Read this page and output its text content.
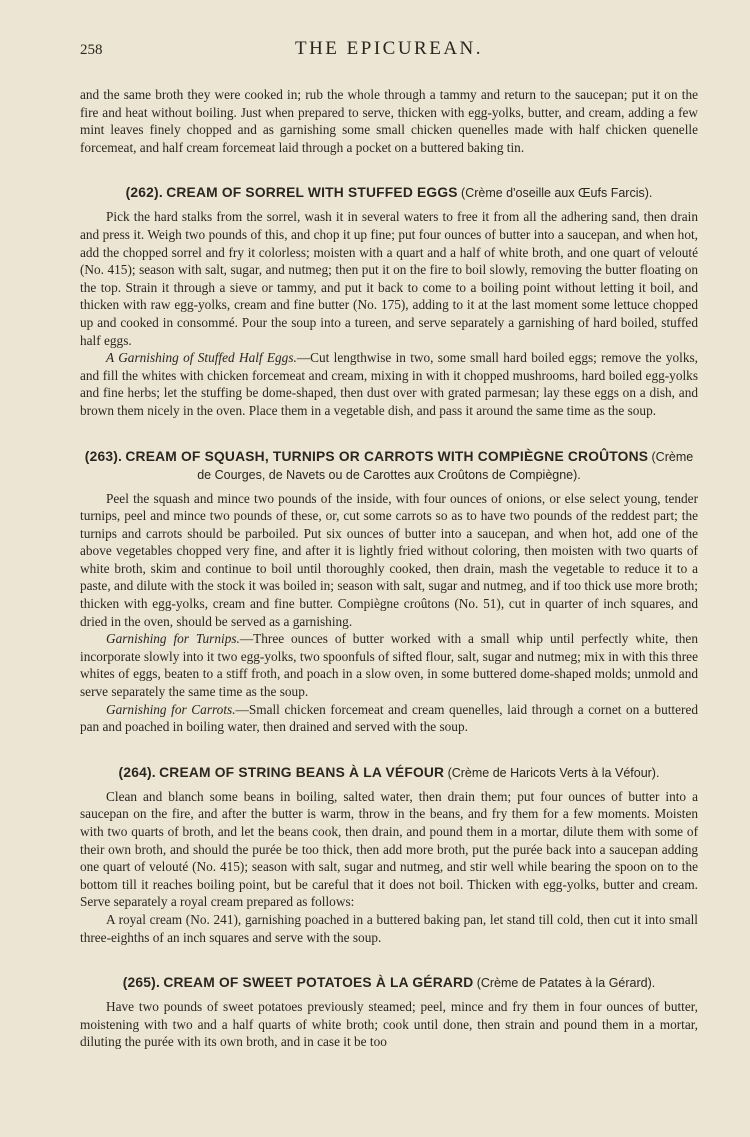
258	THE EPICUREAN.

and the same broth they were cooked in; rub the whole through a tammy and return to the saucepan; put it on the fire and heat without boiling. Just when prepared to serve, thicken with egg-yolks, butter, and cream, adding a few mint leaves finely chopped and as garnishing some small chicken quenelles made with half chicken quenelle forcemeat, and half cream forcemeat laid through a pocket on a buttered baking tin.

(262). CREAM OF SORREL WITH STUFFED EGGS (Crème d'oseille aux Œufs Farcis).

Pick the hard stalks from the sorrel, wash it in several waters to free it from all the adhering sand, then drain and press it. Weigh two pounds of this, and chop it up fine; put four ounces of butter into a saucepan, and when hot, add the chopped sorrel and fry it colorless; moisten with a quart and a half of white broth, and one quart of velouté (No. 415); season with salt, sugar, and nutmeg; then put it on the fire to boil slowly, removing the butter floating on the top. Strain it through a sieve or tammy, and put it back to come to a boiling point without letting it boil, and thicken with raw egg-yolks, cream and fine butter (No. 175), adding to it at the last moment some lettuce chopped up and cooked in consommé. Pour the soup into a tureen, and serve separately a garnishing of hard boiled, stuffed half eggs.

A Garnishing of Stuffed Half Eggs.—Cut lengthwise in two, some small hard boiled eggs; remove the yolks, and fill the whites with chicken forcemeat and cream, mixing in with it chopped mushrooms, hard boiled egg-yolks and fine herbs; let the stuffing be dome-shaped, then dust over with grated parmesan; lay these eggs on a dish, and brown them nicely in the oven. Place them in a vegetable dish, and pass it around the same time as the soup.

(263). CREAM OF SQUASH, TURNIPS OR CARROTS WITH COMPIÈGNE CROÛTONS (Crème de Courges, de Navets ou de Carottes aux Croûtons de Compiègne).

Peel the squash and mince two pounds of the inside, with four ounces of onions, or else select young, tender turnips, peel and mince two pounds of these, or, cut some carrots so as to have two pounds of the reddest part; the turnips and carrots should be parboiled. Put six ounces of butter into a saucepan, and when hot, add one of the above vegetables chopped very fine, and after it is lightly fried without coloring, then moisten with two quarts of white broth, skim and continue to boil until thoroughly cooked, then drain, mash the vegetable to reduce it to a paste, and dilute with the stock it was boiled in; season with salt, sugar and nutmeg, and if too thick use more broth; thicken with egg-yolks, cream and fine butter. Compiègne croûtons (No. 51), cut in quarter of inch squares, and dried in the oven, should be served as a garnishing.

Garnishing for Turnips.—Three ounces of butter worked with a small whip until perfectly white, then incorporate slowly into it two egg-yolks, two spoonfuls of sifted flour, salt, sugar and nutmeg; mix in with this three whites of eggs, beaten to a stiff froth, and poach in a slow oven, in some buttered dome-shaped molds; unmold and serve separately the same time as the soup.

Garnishing for Carrots.—Small chicken forcemeat and cream quenelles, laid through a cornet on a buttered pan and poached in boiling water, then drained and served with the soup.

(264). CREAM OF STRING BEANS À LA VÉFOUR (Crème de Haricots Verts à la Véfour).

Clean and blanch some beans in boiling, salted water, then drain them; put four ounces of butter into a saucepan on the fire, and after the butter is warm, throw in the beans, and fry them for a few moments. Moisten with two quarts of broth, and let the beans cook, then drain, and pound them in a mortar, dilute them with some of their own broth, and should the purée be too thick, then add more broth, put the purée back into a saucepan adding one quart of velouté (No. 415); season with salt, sugar and nutmeg, and stir well while bearing the spoon on to the bottom till it reaches boiling point, but be careful that it does not boil. Thicken with egg-yolks, butter and cream. Serve separately a royal cream prepared as follows:

A royal cream (No. 241), garnishing poached in a buttered baking pan, let stand till cold, then cut it into small three-eighths of an inch squares and serve with the soup.

(265). CREAM OF SWEET POTATOES À LA GÉRARD (Crème de Patates à la Gérard).

Have two pounds of sweet potatoes previously steamed; peel, mince and fry them in four ounces of butter, moistening with two and a half quarts of white broth; cook until done, then strain and pound them in a mortar, diluting the purée with its own broth, and in case it be too
